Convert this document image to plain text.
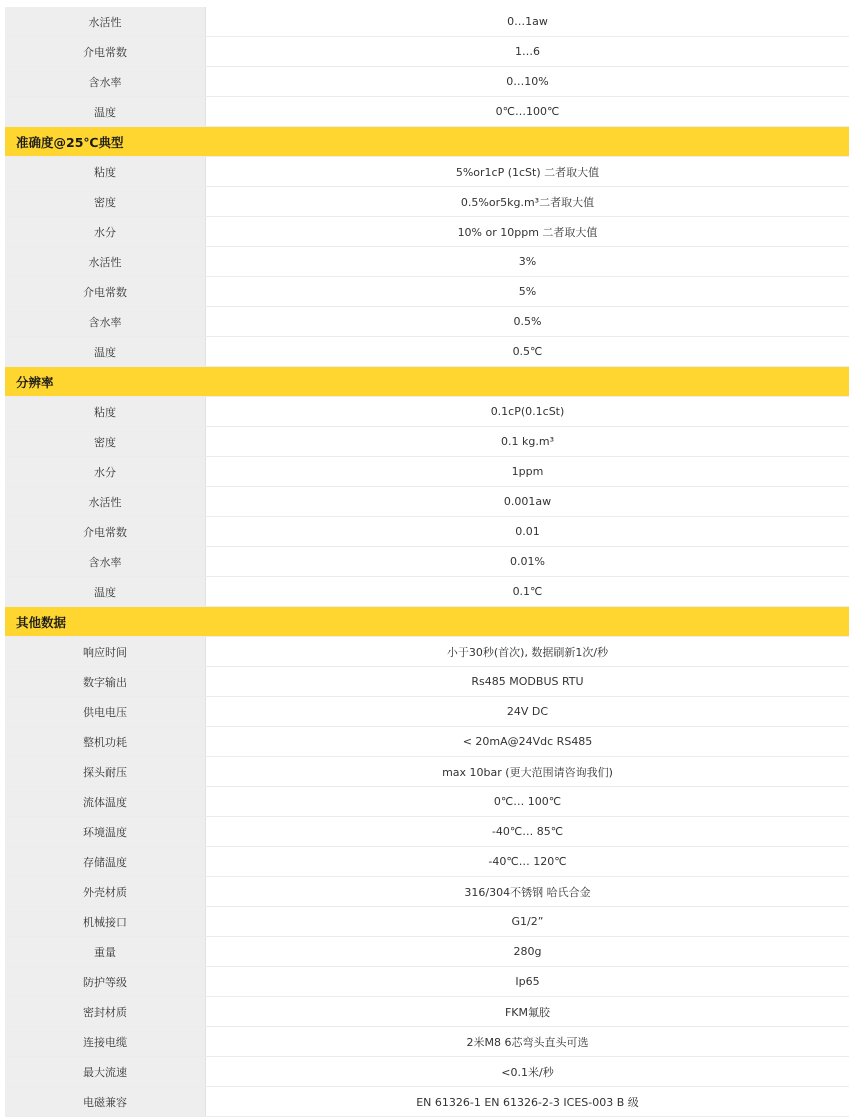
水活性	0…1aw
介电常数	1…6
含水率	0…10%
温度	0℃…100℃
准确度@25℃典型
粘度	5%or1cP (1cSt) 二者取大值
密度	0.5%or5kg.m³二者取大值
水分	10% or 10ppm 二者取大值
水活性	3%
介电常数	5%
含水率	0.5%
温度	0.5℃
分辨率
粘度	0.1cP(0.1cSt)
密度	0.1 kg.m³
水分	1ppm
水活性	0.001aw
介电常数	0.01
含水率	0.01%
温度	0.1℃
其他数据
响应时间	小于30秒(首次), 数据刷新1次/秒
数字输出	Rs485 MODBUS RTU
供电电压	24V DC
整机功耗	< 20mA@24Vdc RS485
探头耐压	max 10bar (更大范围请咨询我们)
流体温度	0℃… 100℃
环境温度	-40℃… 85℃
存储温度	-40℃… 120℃
外壳材质	316/304不锈钢 哈氏合金
机械接口	G1/2”
重量	280g
防护等级	Ip65
密封材质	FKM氟胶
连接电缆	2米M8 6芯弯头直头可选
最大流速	<0.1米/秒
电磁兼容	EN 61326-1 EN 61326-2-3 ICES-003 B 级
